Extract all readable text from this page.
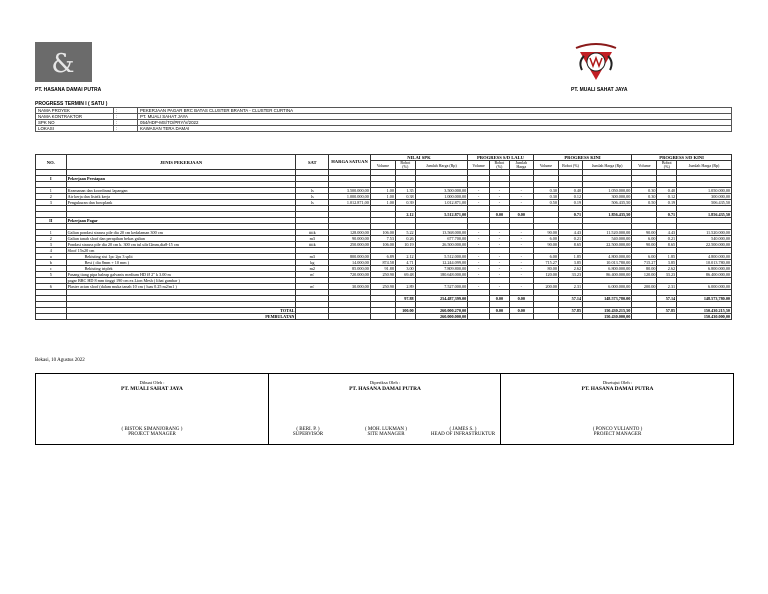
&
PT. HASANA DAMAI PUTRA	PT. MUALI SAHAT JAYA
PROGRESS TERMIN I ( SATU )
NAMA PROYEK	:	PEKERJAAN PAGAR BRC BATAS CLUSTER BRANTA - CLUSTER CURTINA
NAMA KONTRAKTOR	:	PT. MUALI SAHAT JAYA
SPK NO	:	054/HDP-MS/TO/PRY/V/2022
LOKASI	:	KAWASAN TERA DAMAI
NO.	JENIS PEKERJAAN	SAT	HARGA SATUAN	NILAI SPK			PROGRESS S/D LALU			PROGRESS KINI			PROGRESS S/D KINI		
				Volume	Bobot (%)	Jumlah Harga (Rp)	Volume	Bobot (%)	Jumlah Harga	Volume	Bobot (%)	Jumlah Harga (Rp)	Volume	Bobot (%)	Jumlah Harga (Rp)

I	Pekerjaan Persiapan														

1	Keamanan dan koordinasi lapangan	ls	3.500.000,00	1.00	1.35	3.500.000,00	-	-	-	0.30	0.40	1.050.000,00	0.30	0.40	1.050.000,00
2	Air kerja dan listrik kerja	ls	1.000.000,00	1.00	0.38	1.000.000,00	-	-	-	0.30	0.12	300.000,00	0.30	0.12	300.000,00
3	Pengukuran dan bowplank	ls	1.012.871,00	1.00	0.39	1.012.871,00	-	-	-	0.50	0.19	506.435,50	0.50	0.19	506.435,50

					2.12	5.512.871,00		0.00	0.00		0.71	1.856.435,50		0.71	1.856.435,50
II	Pekerjaan Pagar														

1	Galian pondasi strauss pile dia 20 cm kedalaman 300 cm	titik	128.000,00	106.00	5.22	13.568.000,00	-	-	-	90.00	4.43	11.520.000,00	90.00	4.43	11.520.000,00
2	Galian tanah sloof dan perapihan bekas galian	m3	90.000,00	7.53	0.26	677.700,00	-	-	-	6.00	0.21	540.000,00	6.00	0.21	540.000,00
3	Pondasi strauss pile dia 20 cm k. 300 cm tul ulir12mm,dia8-15 cm	titik	250.000,00	106.00	10.19	26.500.000,00	-	-	-	90.00	8.65	22.500.000,00	90.00	8.65	22.500.000,00
4	Sloof 15x20 cm														
a	Bekisting sisi 1pc 2ps 3 split	m3	800.000,00	6.89	2.12	5.512.000,00	-	-	-	6.00	1.85	4.800.000,00	6.00	1.85	4.800.000,00
b	Besi ( dia 8mm + 10 mm )	kg	14.000,00	874.58	4.71	12.244.099,00	-	-	-	715.27	3.85	10.013.780,00	715.27	3.85	10.013.780,00
c	Bekisting triplek	m2	85.000,00	91.88	3.00	7.809.800,00	-	-	-	80.00	2.62	6.800.000,00	80.00	2.62	6.800.000,00
5	Pasang tiang pipa baleap galvanis medium HD Ø 2" k 3.00 m	m'	720.000,00	250.90	69.48	180.648.000,00	-	-	-	120.00	33.23	86.400.000,00	120.00	33.23	86.400.000,00
	pagar BRC HD 8 mm tinggi 190 cm ex.Lion Mesh ( lihat gambar )														
6	Plaster acian sloof (dalam muka tanah 10 cm ( luas 0.25 m2/m1 )	m'	30.000,00	250.90	2.89	7.527.000,00	-	-	-	200.00	2.31	6.000.000,00	200.00	2.31	6.000.000,00

					97.88	254.487,399.00		0.00	0.00		57.14	148.573,780.00		57.14	148.573,780.00

	TOTAL				100.00	260.000.270,00		0.00	0.00		57.85	150.430.215,50		57.85	150.430.215,50
	PEMBULATAN					260.000.000,00						150.430.000,00			150.430.000,00
Bekasi, 10 Agustus 2022
Dibuat Oleh :
PT. MUALI SAHAT JAYA
( BISTOK SIMANJORANG )
PROJECT MANAGER
Diperiksa Oleh :
PT. HASANA DAMAI PUTRA
( BERI. P. )
SUPERVISOR
( MOH. LUKMAN )
SITE MANAGER
( JAMES S. )
HEAD OF INFRASTRUKTUR
Disetujui Oleh :
PT. HASANA DAMAI PUTRA
( PONCO YULIANTO )
PROJECT MANAGER
